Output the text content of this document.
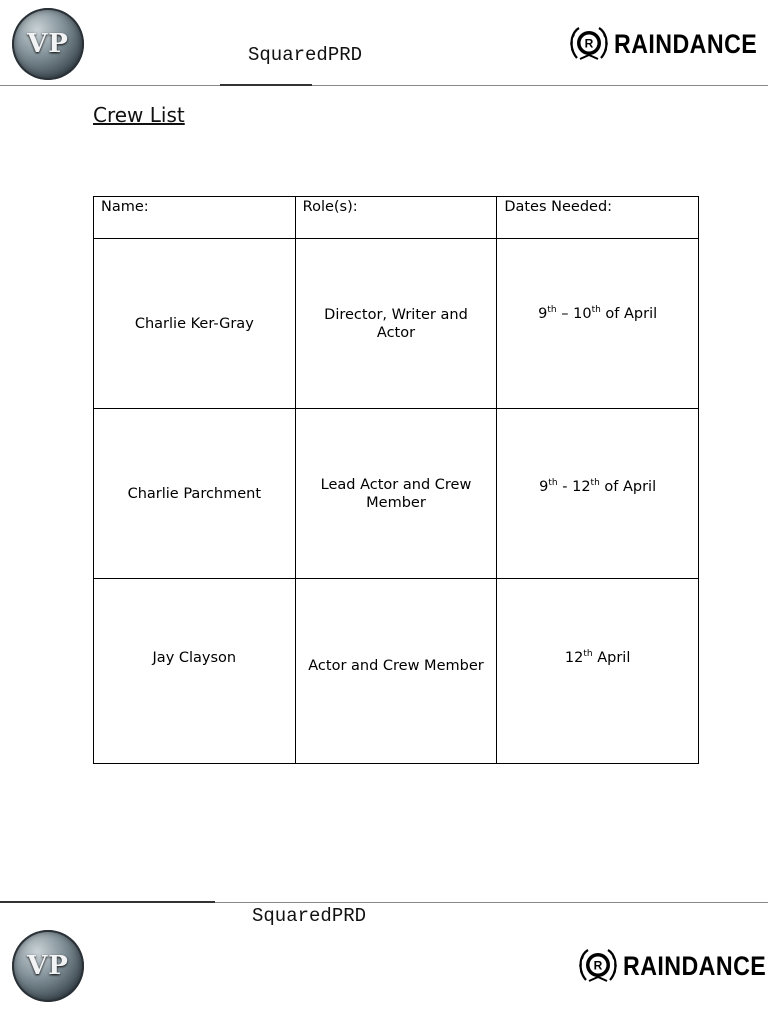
VP	SquaredPRD
R RAINDANCE
Crew List
Name:	Role(s):	Dates Needed:
Charlie Ker-Gray	Director, Writer and Actor	9th – 10th of April
Charlie Parchment	Lead Actor and Crew Member	9th - 12th of April
Jay Clayson	Actor and Crew Member	12th April
SquaredPRD
VP	R RAINDANCE
